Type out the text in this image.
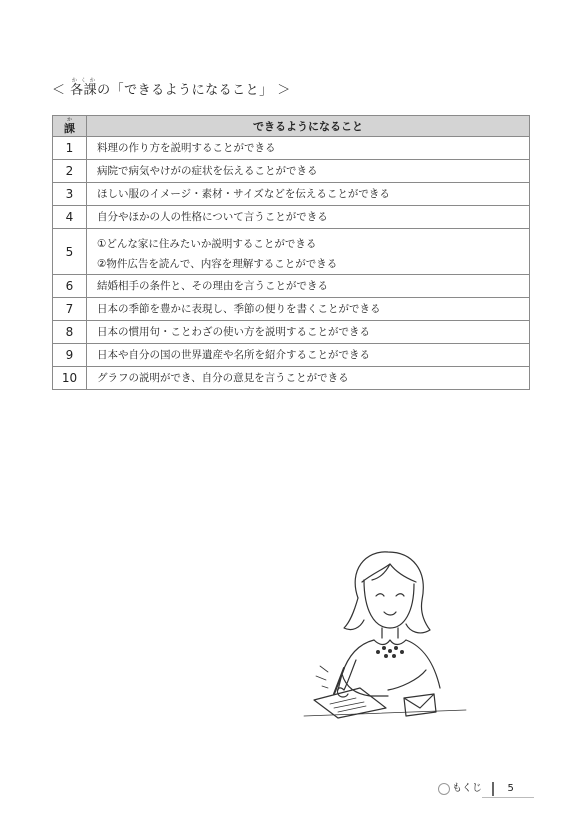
＜ 各課かくかの「できるようになること」 ＞
課か	できるようになること
1	料理の作り方を説明することができる
2	病院で病気やけがの症状を伝えることができる
3	ほしい服のイメージ・素材・サイズなどを伝えることができる
4	自分やほかの人の性格について言うことができる
5	①どんな家に住みたいか説明することができる
②物件広告を読んで、内容を理解することができる

6	結婚相手の条件と、その理由を言うことができる
7	日本の季節を豊かに表現し、季節の便りを書くことができる
8	日本の慣用句・ことわざの使い方を説明することができる
9	日本や自分の国の世界遺産や名所を紹介することができる
10	グラフの説明ができ、自分の意見を言うことができる
もくじ	5
